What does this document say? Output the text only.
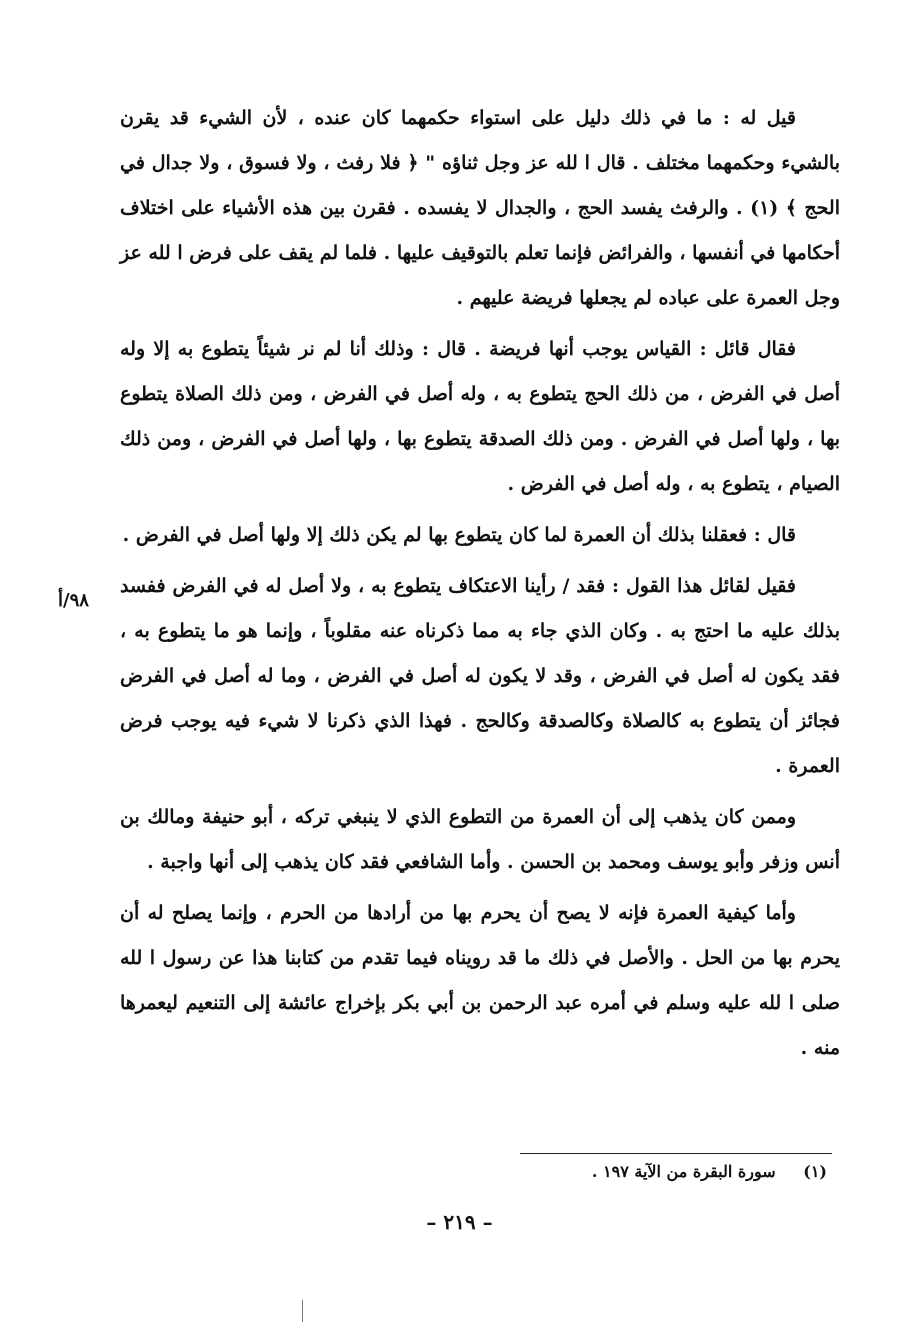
قيل له : ما في ذلك دليل على استواء حكمهما كان عنده ، لأن الشيء قد يقرن بالشيء وحكمهما مختلف . قال ا لله عز وجل ثناؤه " ﴿ فلا رفث ، ولا فسوق ، ولا جدال في الحج ﴾ (١) . والرفث يفسد الحج ، والجدال لا يفسده . فقرن بين هذه الأشياء على اختلاف أحكامها في أنفسها ، والفرائض فإنما تعلم بالتوقيف عليها . فلما لم يقف على فرض ا لله عز وجل العمرة على عباده لم يجعلها فريضة عليهم .

فقال قائل : القياس يوجب أنها فريضة . قال : وذلك أنا لم نر شيئاً يتطوع به إلا وله أصل في الفرض ، من ذلك الحج يتطوع به ، وله أصل في الفرض ، ومن ذلك الصلاة يتطوع بها ، ولها أصل في الفرض . ومن ذلك الصدقة يتطوع بها ، ولها أصل في الفرض ، ومن ذلك الصيام ، يتطوع به ، وله أصل في الفرض .

قال : فعقلنا بذلك أن العمرة لما كان يتطوع بها لم يكن ذلك إلا ولها أصل في الفرض .

فقيل لقائل هذا القول : فقد / رأينا الاعتكاف يتطوع به ، ولا أصل له في الفرض ففسد بذلك عليه ما احتج به . وكان الذي جاء به مما ذكرناه عنه مقلوباً ، وإنما هو ما يتطوع به ، فقد يكون له أصل في الفرض ، وقد لا يكون له أصل في الفرض ، وما له أصل في الفرض فجائز أن يتطوع به كالصلاة وكالصدقة وكالحج . فهذا الذي ذكرنا لا شيء فيه يوجب فرض العمرة .

وممن كان يذهب إلى أن العمرة من التطوع الذي لا ينبغي تركه ، أبو حنيفة ومالك بن أنس وزفر وأبو يوسف ومحمد بن الحسن . وأما الشافعي فقد كان يذهب إلى أنها واجبة .

وأما كيفية العمرة فإنه لا يصح أن يحرم بها من أرادها من الحرم ، وإنما يصلح له أن يحرم بها من الحل . والأصل في ذلك ما قد رويناه فيما تقدم من كتابنا هذا عن رسول ا لله صلى ا لله عليه وسلم في أمره عبد الرحمن بن أبي بكر بإخراج عائشة إلى التنعيم ليعمرها منه .

٩٨/أ
(١) سورة البقرة من الآية ١٩٧ .
– ٢١٩ –
